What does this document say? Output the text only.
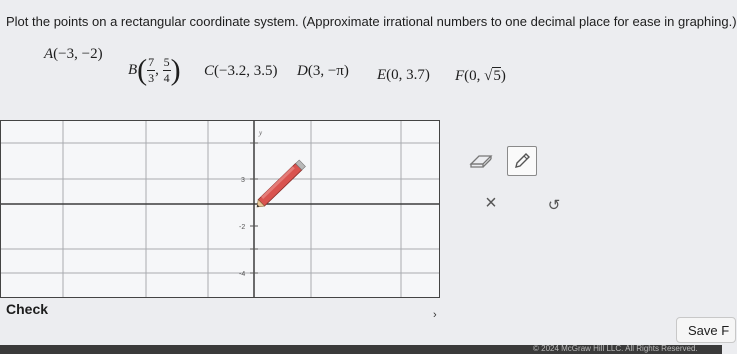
Plot the points on a rectangular coordinate system. (Approximate irrational numbers to one decimal place for ease in graphing.)
A(−3, −2)
$B( \frac{7}{3}$ , $\frac{5}{4}$ ) C(−3.2, 3.5) D(3, −π) E(0, 3.7) F(0, √5)
y
3
-2
-4
×	↺
Check	›
Save F
© 2024 McGraw Hill LLC. All Rights Reserved.
